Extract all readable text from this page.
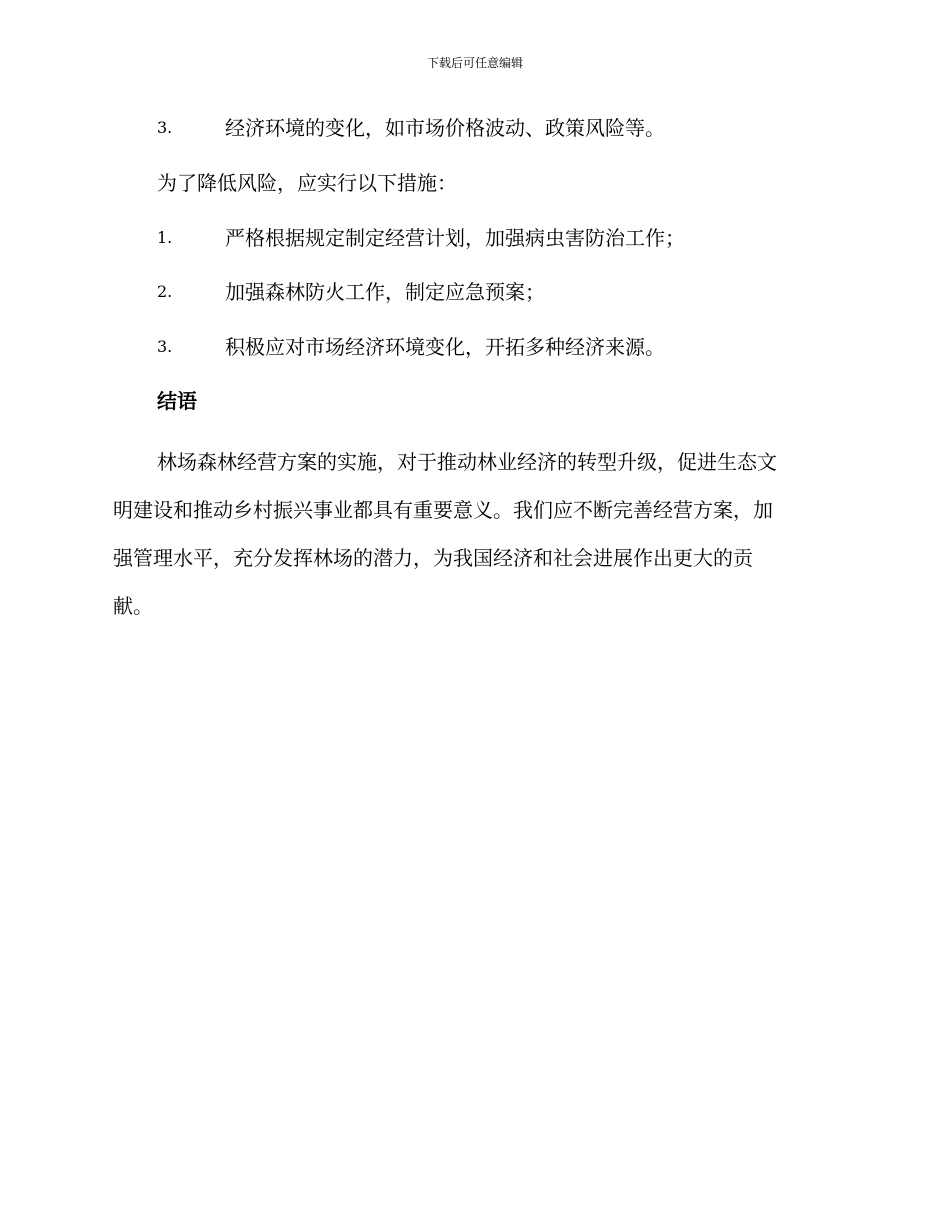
下载后可任意编辑
3.	经济环境的变化，如市场价格波动、政策风险等。
为了降低风险，应实行以下措施：
1.	严格根据规定制定经营计划，加强病虫害防治工作；
2.	加强森林防火工作，制定应急预案；
3.	积极应对市场经济环境变化，开拓多种经济来源。
结语
林场森林经营方案的实施，对于推动林业经济的转型升级，促进生态文
明建设和推动乡村振兴事业都具有重要意义。我们应不断完善经营方案，加
强管理水平，充分发挥林场的潜力，为我国经济和社会进展作出更大的贡
献。
